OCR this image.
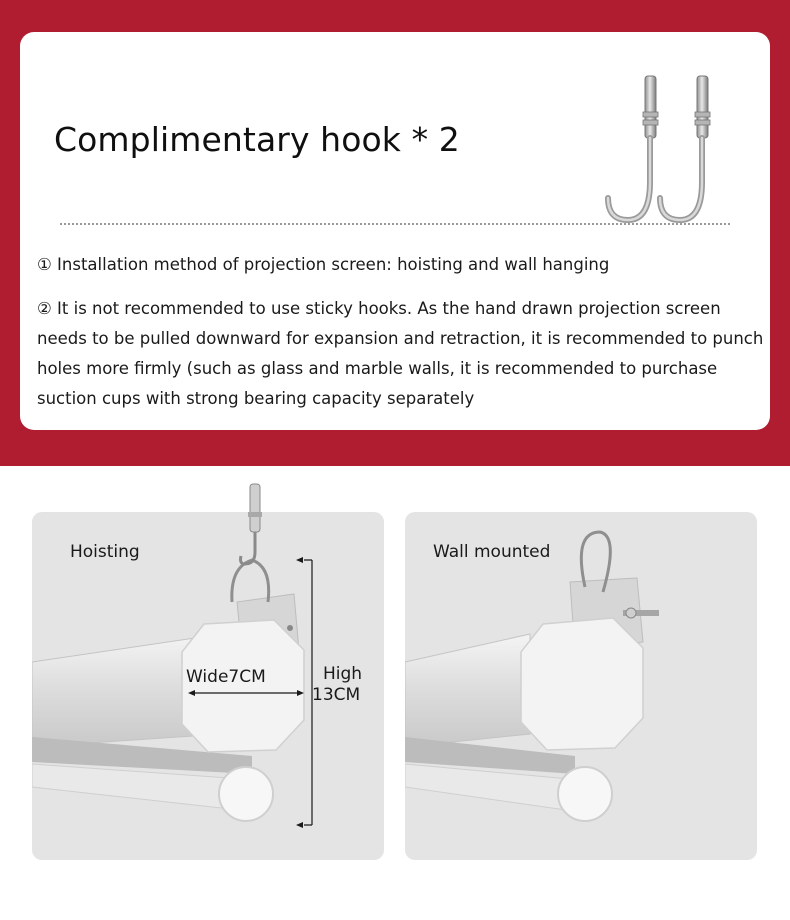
Complimentary hook * 2

① Installation method of projection screen: hoisting and wall hanging

② It is not recommended to use sticky hooks. As the hand drawn projection screen needs to be pulled downward for expansion and retraction, it is recommended to punch holes more firmly (such as glass and marble walls, it is recommended to purchase suction cups with strong bearing capacity separately

Hoisting
Wide7CM	High
13CM
Wall mounted
